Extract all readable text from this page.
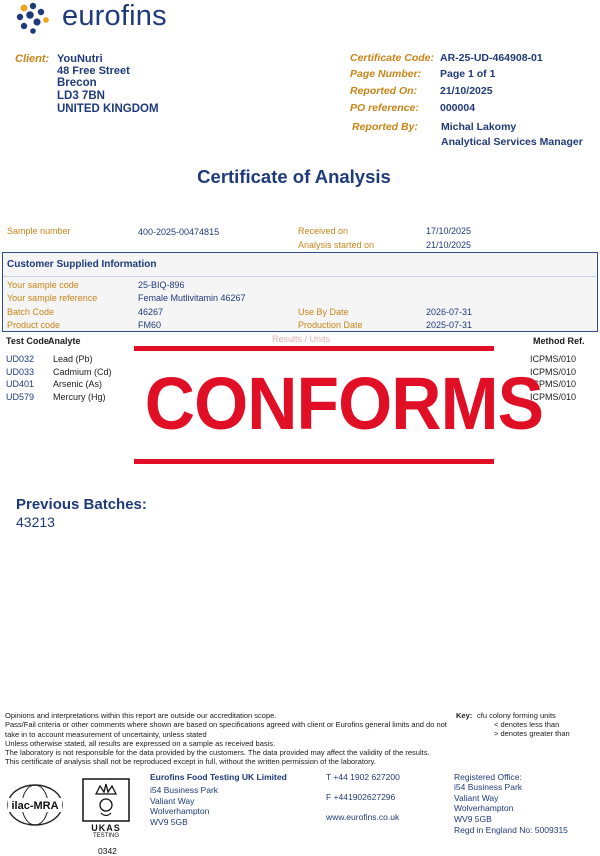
eurofins
Client: YouNutri
48 Free Street
Brecon
LD3 7BN
UNITED KINGDOM
Certificate Code: AR-25-UD-464908-01
Page Number: Page 1 of 1
Reported On: 21/10/2025
PO reference: 000004
Reported By: Michal Lakomy
Analytical Services Manager
Certificate of Analysis
Sample number	400-2025-00474815	Received on	17/10/2025
Analysis started on	21/10/2025
Customer Supplied Information
Your sample code	25-BIQ-896
Your sample reference	Female Mutlivitamin 46267
Batch Code	46267	Use By Date	2026-07-31
Product code	FM60	Production Date	2025-07-31
Test Code Analyte	Results / Units	Method Ref.
UD032 Lead (Pb)	ICPMS/010
UD033 Cadmium (Cd)	ICPMS/010
UD401 Arsenic (As)	ICPMS/010
UD579 Mercury (Hg)	ICPMS/010
CONFORMS
Previous Batches:
43213
Opinions and interpretations within this report are outside our accreditation scope.
Pass/Fail criteria or other comments where shown are based on specifications agreed with client or Eurofins general limits and do not
take in to account measurement of uncertainty, unless stated
Unless otherwise stated, all results are expressed on a sample as received basis.
The laboratory is not responsible for the data provided by the customers. The data provided may affect the validity of the results.
This certificate of analysis shall not be reproduced except in full, without the written permission of the laboratory.
Key: cfu colony forming units
< denotes less than
> denotes greater than
ilac-MRA
UKAS
TESTING
0342
Eurofins Food Testing UK Limited
i54 Business Park
Valiant Way
Wolverhampton
WV9 5GB
T +44 1902 627200
F +441902627296
www.eurofins.co.uk
Registered Office:
i54 Business Park
Valiant Way
Wolverhampton
WV9 5GB
Regd in England No: 5009315
